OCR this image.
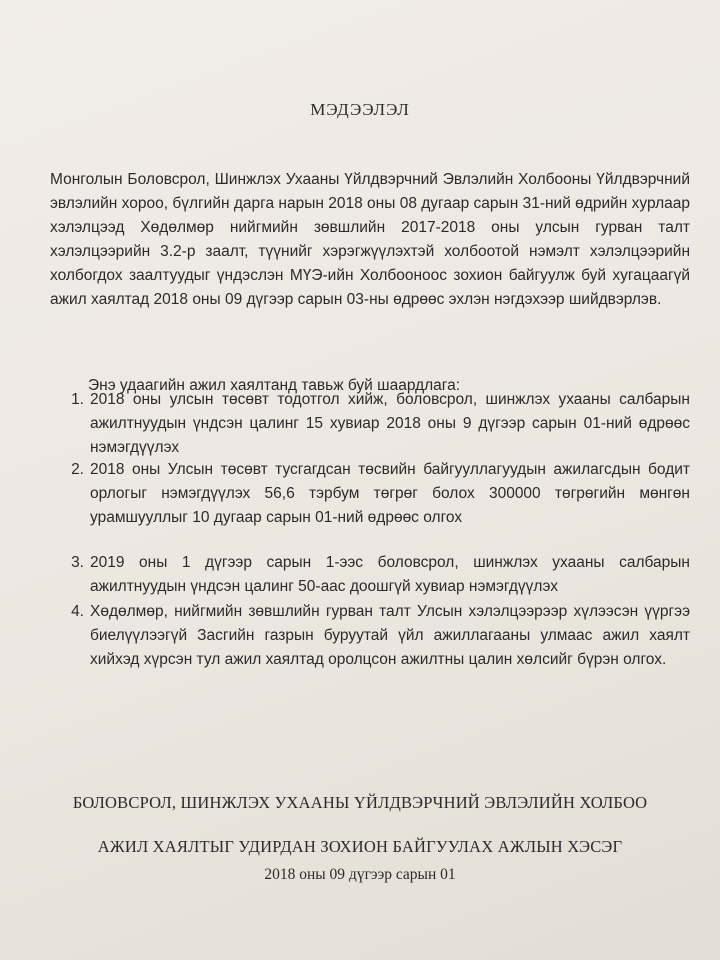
МЭДЭЭЛЭЛ

Монголын Боловсрол, Шинжлэх Ухааны Үйлдвэрчний Эвлэлийн Холбооны Үйлдвэрчний эвлэлийн хороо, бүлгийн дарга нарын 2018 оны 08 дугаар сарын 31-ний өдрийн хурлаар хэлэлцээд Хөдөлмөр нийгмийн зөвшлийн 2017-2018 оны улсын гурван талт хэлэлцээрийн 3.2-р заалт, түүнийг хэрэгжүүлэхтэй холбоотой нэмэлт хэлэлцээрийн холбогдох заалтуудыг үндэслэн МҮЭ-ийн Холбооноос зохион байгуулж буй хугацаагүй ажил хаялтад 2018 оны 09 дүгээр сарын 03-ны өдрөөс эхлэн нэгдэхээр шийдвэрлэв.

Энэ удаагийн ажил хаялтанд тавьж буй шаардлага:

1. 2018 оны улсын төсөвт тодотгол хийж, боловсрол, шинжлэх ухааны салбарын ажилтнуудын үндсэн цалинг 15 хувиар 2018 оны 9 дүгээр сарын 01-ний өдрөөс нэмэгдүүлэх
2. 2018 оны Улсын төсөвт тусгагдсан төсвийн байгууллагуудын ажилагсдын бодит орлогыг нэмэгдүүлэх 56,6 тэрбум төгрөг болох 300000 төгрөгийн мөнгөн урамшууллыг 10 дугаар сарын 01-ний өдрөөс олгох
3. 2019 оны 1 дүгээр сарын 1-ээс боловсрол, шинжлэх ухааны салбарын ажилтнуудын үндсэн цалинг 50-аас доошгүй хувиар нэмэгдүүлэх
4. Хөдөлмөр, нийгмийн зөвшлийн гурван талт Улсын хэлэлцээрээр хүлээсэн үүргээ биелүүлээгүй Засгийн газрын буруутай үйл ажиллагааны улмаас ажил хаялт хийхэд хүрсэн тул ажил хаялтад оролцсон ажилтны цалин хөлсийг бүрэн олгох.
БОЛОВСРОЛ, ШИНЖЛЭХ УХААНЫ ҮЙЛДВЭРЧНИЙ ЭВЛЭЛИЙН ХОЛБОО
АЖИЛ ХАЯЛТЫГ УДИРДАН ЗОХИОН БАЙГУУЛАХ АЖЛЫН ХЭСЭГ
2018 оны 09 дүгээр сарын 01
